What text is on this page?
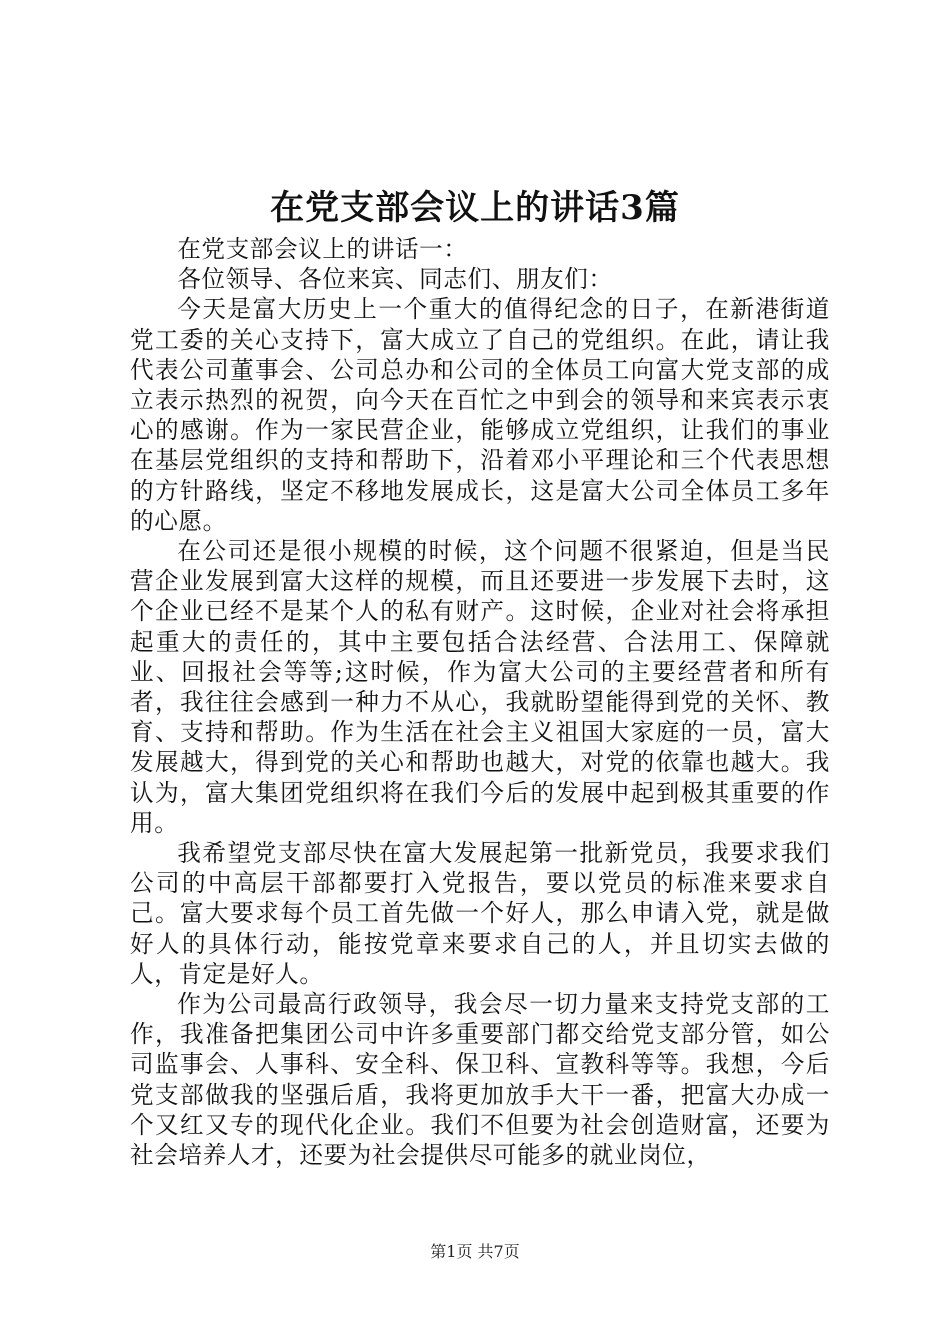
在党支部会议上的讲话3篇

在党支部会议上的讲话一：

各位领导、各位来宾、同志们、朋友们：

今天是富大历史上一个重大的值得纪念的日子，在新港街道党工委的关心支持下，富大成立了自己的党组织。在此，请让我代表公司董事会、公司总办和公司的全体员工向富大党支部的成立表示热烈的祝贺，向今天在百忙之中到会的领导和来宾表示衷心的感谢。作为一家民营企业，能够成立党组织，让我们的事业在基层党组织的支持和帮助下，沿着邓小平理论和三个代表思想的方针路线，坚定不移地发展成长，这是富大公司全体员工多年的心愿。

在公司还是很小规模的时候，这个问题不很紧迫，但是当民营企业发展到富大这样的规模，而且还要进一步发展下去时，这个企业已经不是某个人的私有财产。这时候，企业对社会将承担起重大的责任的，其中主要包括合法经营、合法用工、保障就业、回报社会等等;这时候，作为富大公司的主要经营者和所有者，我往往会感到一种力不从心，我就盼望能得到党的关怀、教育、支持和帮助。作为生活在社会主义祖国大家庭的一员，富大发展越大，得到党的关心和帮助也越大，对党的依靠也越大。我认为，富大集团党组织将在我们今后的发展中起到极其重要的作用。

我希望党支部尽快在富大发展起第一批新党员，我要求我们公司的中高层干部都要打入党报告，要以党员的标准来要求自己。富大要求每个员工首先做一个好人，那么申请入党，就是做好人的具体行动，能按党章来要求自己的人，并且切实去做的人，肯定是好人。

作为公司最高行政领导，我会尽一切力量来支持党支部的工作，我准备把集团公司中许多重要部门都交给党支部分管，如公司监事会、人事科、安全科、保卫科、宣教科等等。我想，今后党支部做我的坚强后盾，我将更加放手大干一番，把富大办成一个又红又专的现代化企业。我们不但要为社会创造财富，还要为社会培养人才，还要为社会提供尽可能多的就业岗位，

第1页 共7页
